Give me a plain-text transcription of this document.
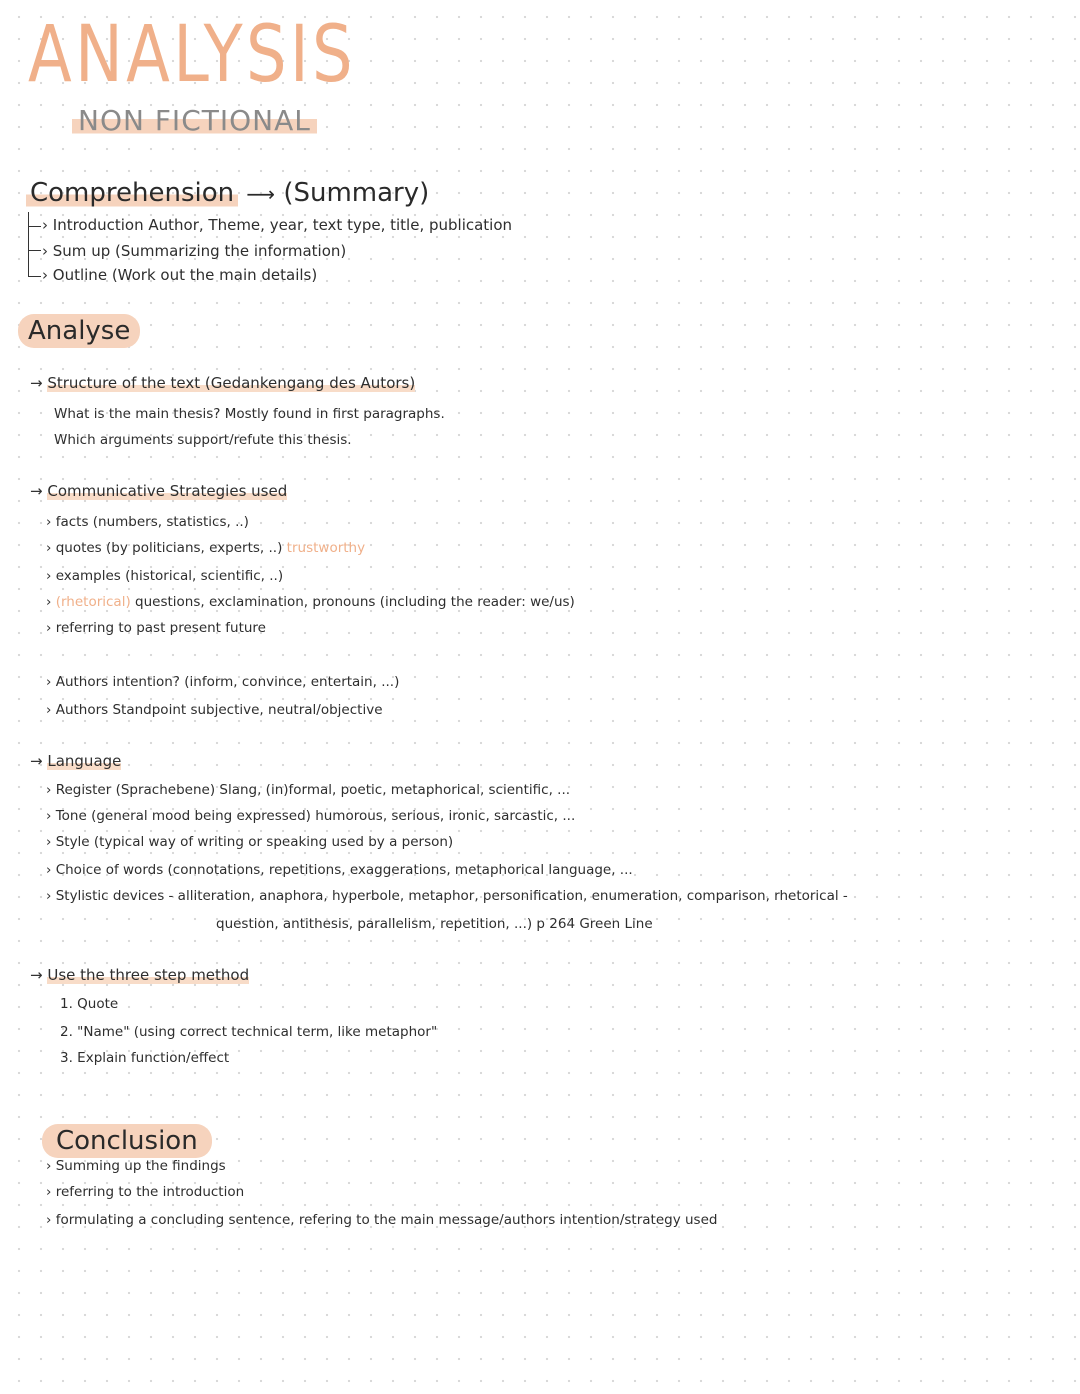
ANALYSIS
NON FICTIONAL
Comprehension ⟶ (Summary)
› Introduction Author, Theme, year, text type, title, publication
› Sum up (Summarizing the information)
› Outline (Work out the main details)
Analyse
→ Structure of the text (Gedankengang des Autors)
What is the main thesis? Mostly found in first paragraphs.
Which arguments support/refute this thesis.
→ Communicative Strategies used
› facts (numbers, statistics, ..)
› quotes (by politicians, experts, ..) trustworthy
› examples (historical, scientific, ..)
› (rhetorical) questions, exclamination, pronouns (including the reader: we/us)
› referring to past present future
› Authors intention? (inform, convince, entertain, ...)
› Authors Standpoint subjective, neutral/objective
→ Language
› Register (Sprachebene) Slang, (in)formal, poetic, metaphorical, scientific, ...
› Tone (general mood being expressed) humorous, serious, ironic, sarcastic, ...
› Style (typical way of writing or speaking used by a person)
› Choice of words (connotations, repetitions, exaggerations, metaphorical language, ...
› Stylistic devices - alliteration, anaphora, hyperbole, metaphor, personification, enumeration, comparison, rhetorical -
question, antithesis, parallelism, repetition, ...) p 264 Green Line
→ Use the three step method
1. Quote
2. "Name" (using correct technical term, like metaphor"
3. Explain function/effect
Conclusion
› Summing up the findings
› referring to the introduction
› formulating a concluding sentence, refering to the main message/authors intention/strategy used
